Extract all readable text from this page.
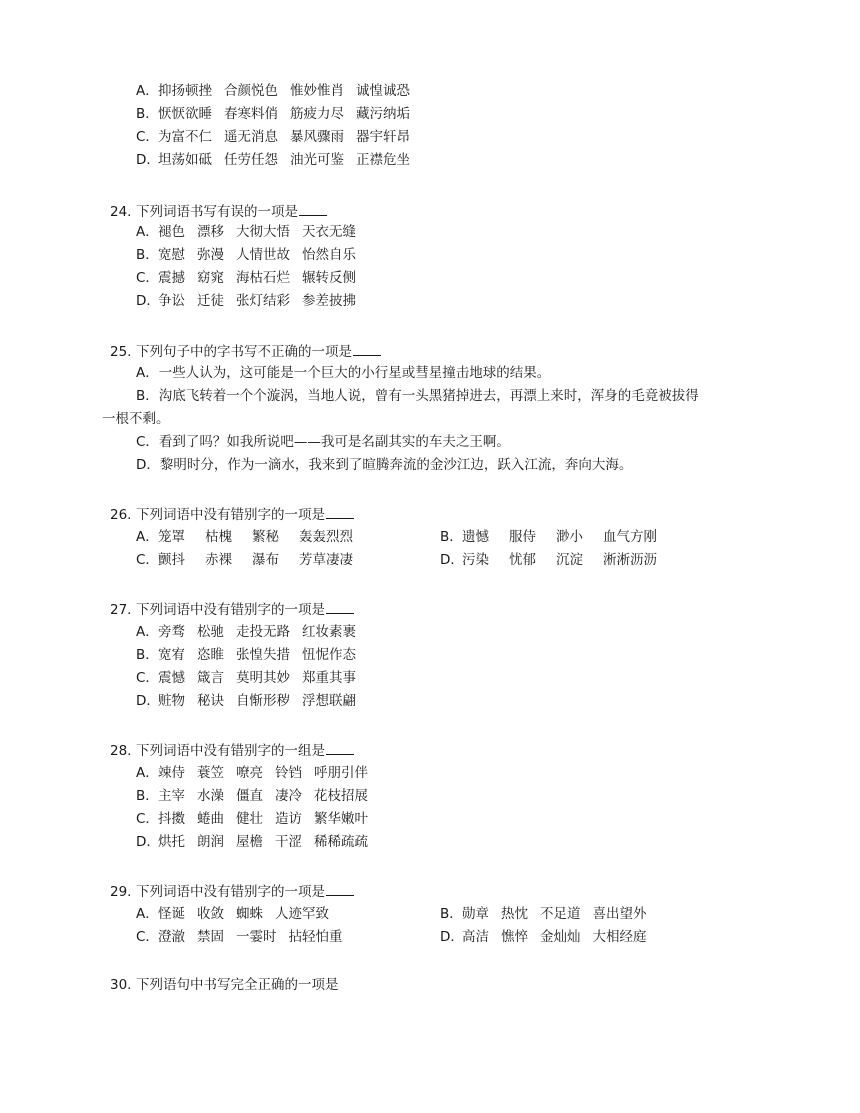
A．抑扬顿挫 合颜悦色 惟妙惟肖 诚惶诚恐
B．恹恹欲睡 春寒料俏 筋疲力尽 藏污纳垢
C．为富不仁 遥无消息 暴风骤雨 器宇轩昂
D．坦荡如砥 任劳任怨 油光可鉴 正襟危坐
24. 下列词语书写有误的一项是
A．褪色 漂移 大彻大悟 天衣无缝
B．宽慰 弥漫 人情世故 怡然自乐
C．震撼 窈窕 海枯石烂 辗转反侧
D．争讼 迁徒 张灯结彩 参差披拂
25. 下列句子中的字书写不正确的一项是
A．一些人认为，这可能是一个巨大的小行星或彗星撞击地球的结果。
B．沟底飞转着一个个漩涡，当地人说，曾有一头黑猪掉进去，再漂上来时，浑身的毛竟被拔得
一根不剩。
C．看到了吗？如我所说吧——我可是名副其实的车夫之王啊。
D．黎明时分，作为一滴水，我来到了暄腾奔流的金沙江边，跃入江流，奔向大海。
26. 下列词语中没有错别字的一项是
A．笼罩 枯槐 繁秘 轰轰烈烈	B．遗憾 服侍 渺小 血气方刚
C．颤抖 赤裸 瀑布 芳草凄凄	D．污染 忧郁 沉淀 淅淅沥沥
27. 下列词语中没有错别字的一项是
A．旁骛 松驰 走投无路 红妆素裹
B．宽宥 恣睢 张惶失措 忸怩作态
C．震憾 箴言 莫明其妙 郑重其事
D．赃物 秘诀 自惭形秽 浮想联翩
28. 下列词语中没有错别字的一组是
A．竦侍 蓑笠 嘹亮 铃铛 呼朋引伴
B．主宰 水澡 僵直 凄冷 花枝招展
C．抖擞 蜷曲 健壮 造访 繁华嫩叶
D．烘托 朗润 屋檐 干涩 稀稀疏疏
29. 下列词语中没有错别字的一项是
A．怪诞 收敛 蜘蛛 人迹罕致	B．勋章 热忱 不足道 喜出望外
C．澄澈 禁固 一霎时 拈轻怕重	D．高洁 憔悴 金灿灿 大相经庭
30. 下列语句中书写完全正确的一项是
